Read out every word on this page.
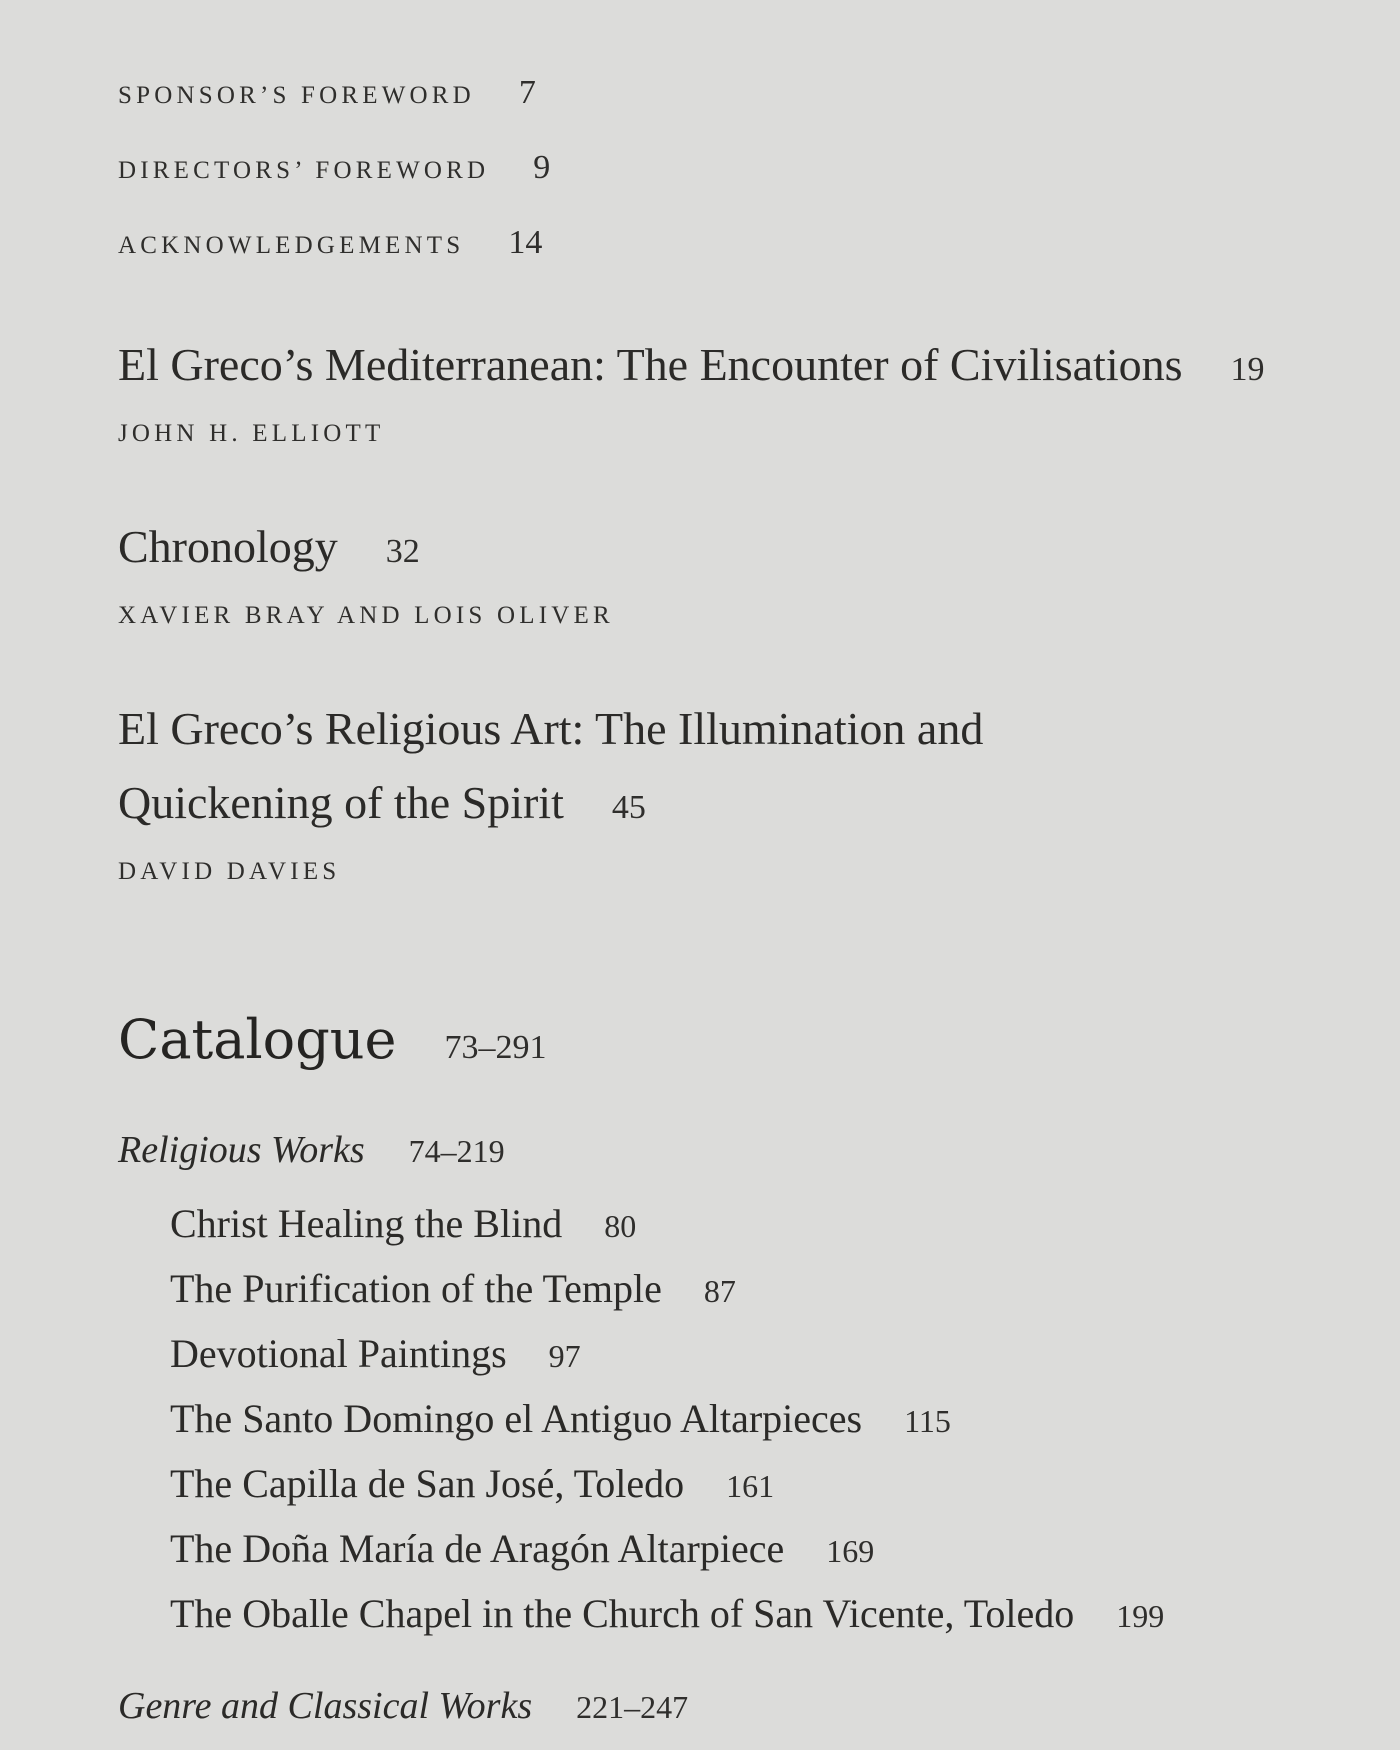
SPONSOR’S FOREWORD 7
DIRECTORS’ FOREWORD 9
ACKNOWLEDGEMENTS 14
El Greco’s Mediterranean: The Encounter of Civilisations 19
JOHN H. ELLIOTT
Chronology 32
XAVIER BRAY AND LOIS OLIVER
El Greco’s Religious Art: The Illumination and
Quickening of the Spirit 45
DAVID DAVIES
Catalogue 73–291
Religious Works 74–219
Christ Healing the Blind 80
The Purification of the Temple 87
Devotional Paintings 97
The Santo Domingo el Antiguo Altarpieces 115
The Capilla de San José, Toledo 161
The Doña María de Aragón Altarpiece 169
The Oballe Chapel in the Church of San Vicente, Toledo 199
Genre and Classical Works 221–247
